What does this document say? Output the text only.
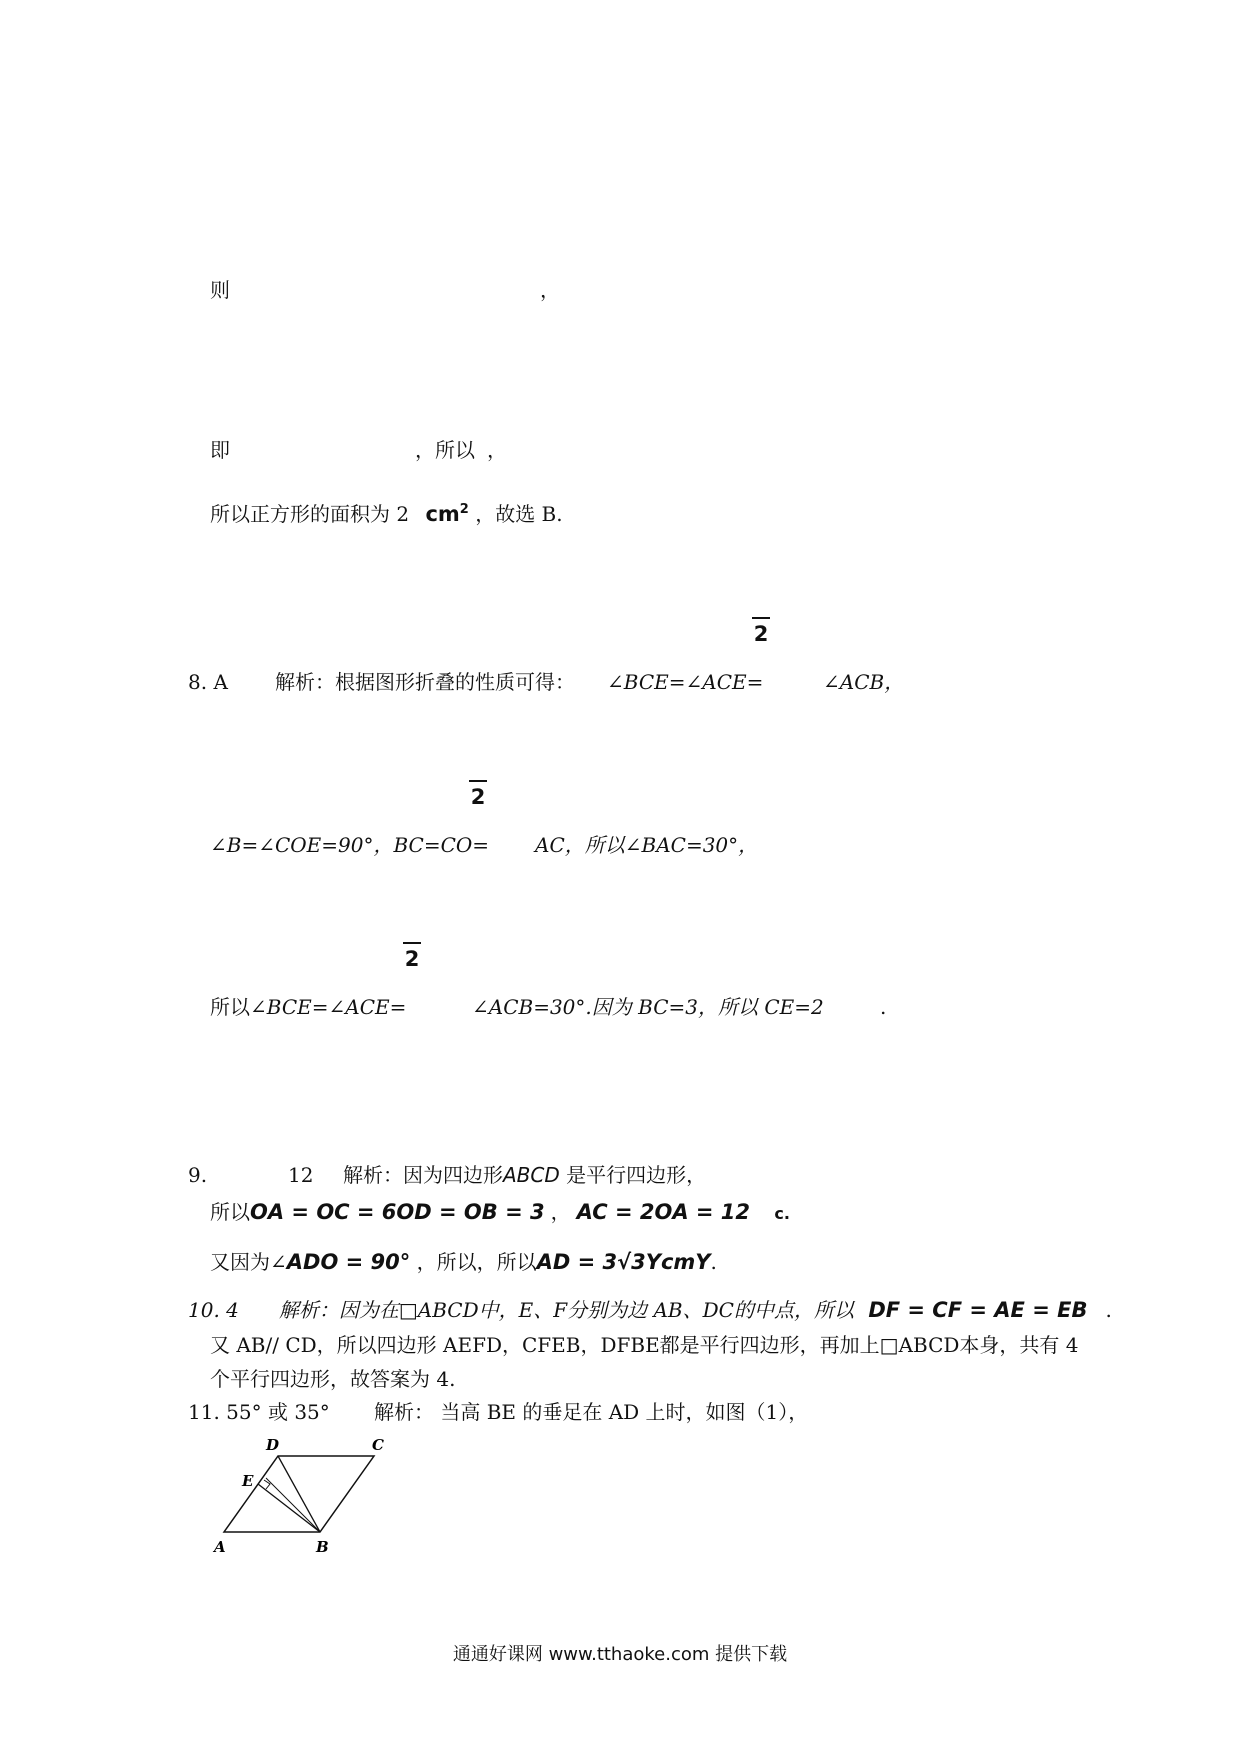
则	，
即	，所以 ，
所以正方形的面积为 2 $cm^2$ ，故选 B.
2
8. A 解析：根据图形折叠的性质可得： ∠BCE=∠ACE=	∠ACB，
2
∠B=∠COE=90°，BC=CO= AC，所以∠BAC=30°，
2
所以 ∠BCE=∠ACE=	∠ACB=30°.因为 BC=3，所以 CE=2	.
9.	12 解析：因为四边形ABCD 是平行四边形，
所以OA = OC = 6OD = OB = 3 ， AC = 2OA = 12 c.
又因为∠ADO = 90° ，所以，所以AD = 3√3YcmY.
10. 4　　解析：因为在□ABCD中，E、F分别为边 AB、DC的中点，所以 DF = CF = AE = EB .
又 AB// CD，所以四边形 AEFD，CFEB，DFBE都是平行四边形，再加上□ABCD本身，共有 4
个平行四边形，故答案为 4.
11. 55° 或 35° 解析： 当高 BE 的垂足在 AD 上时，如图（1），
A	B
C
D
E
通通好课网 www.tthaoke.com 提供下载
